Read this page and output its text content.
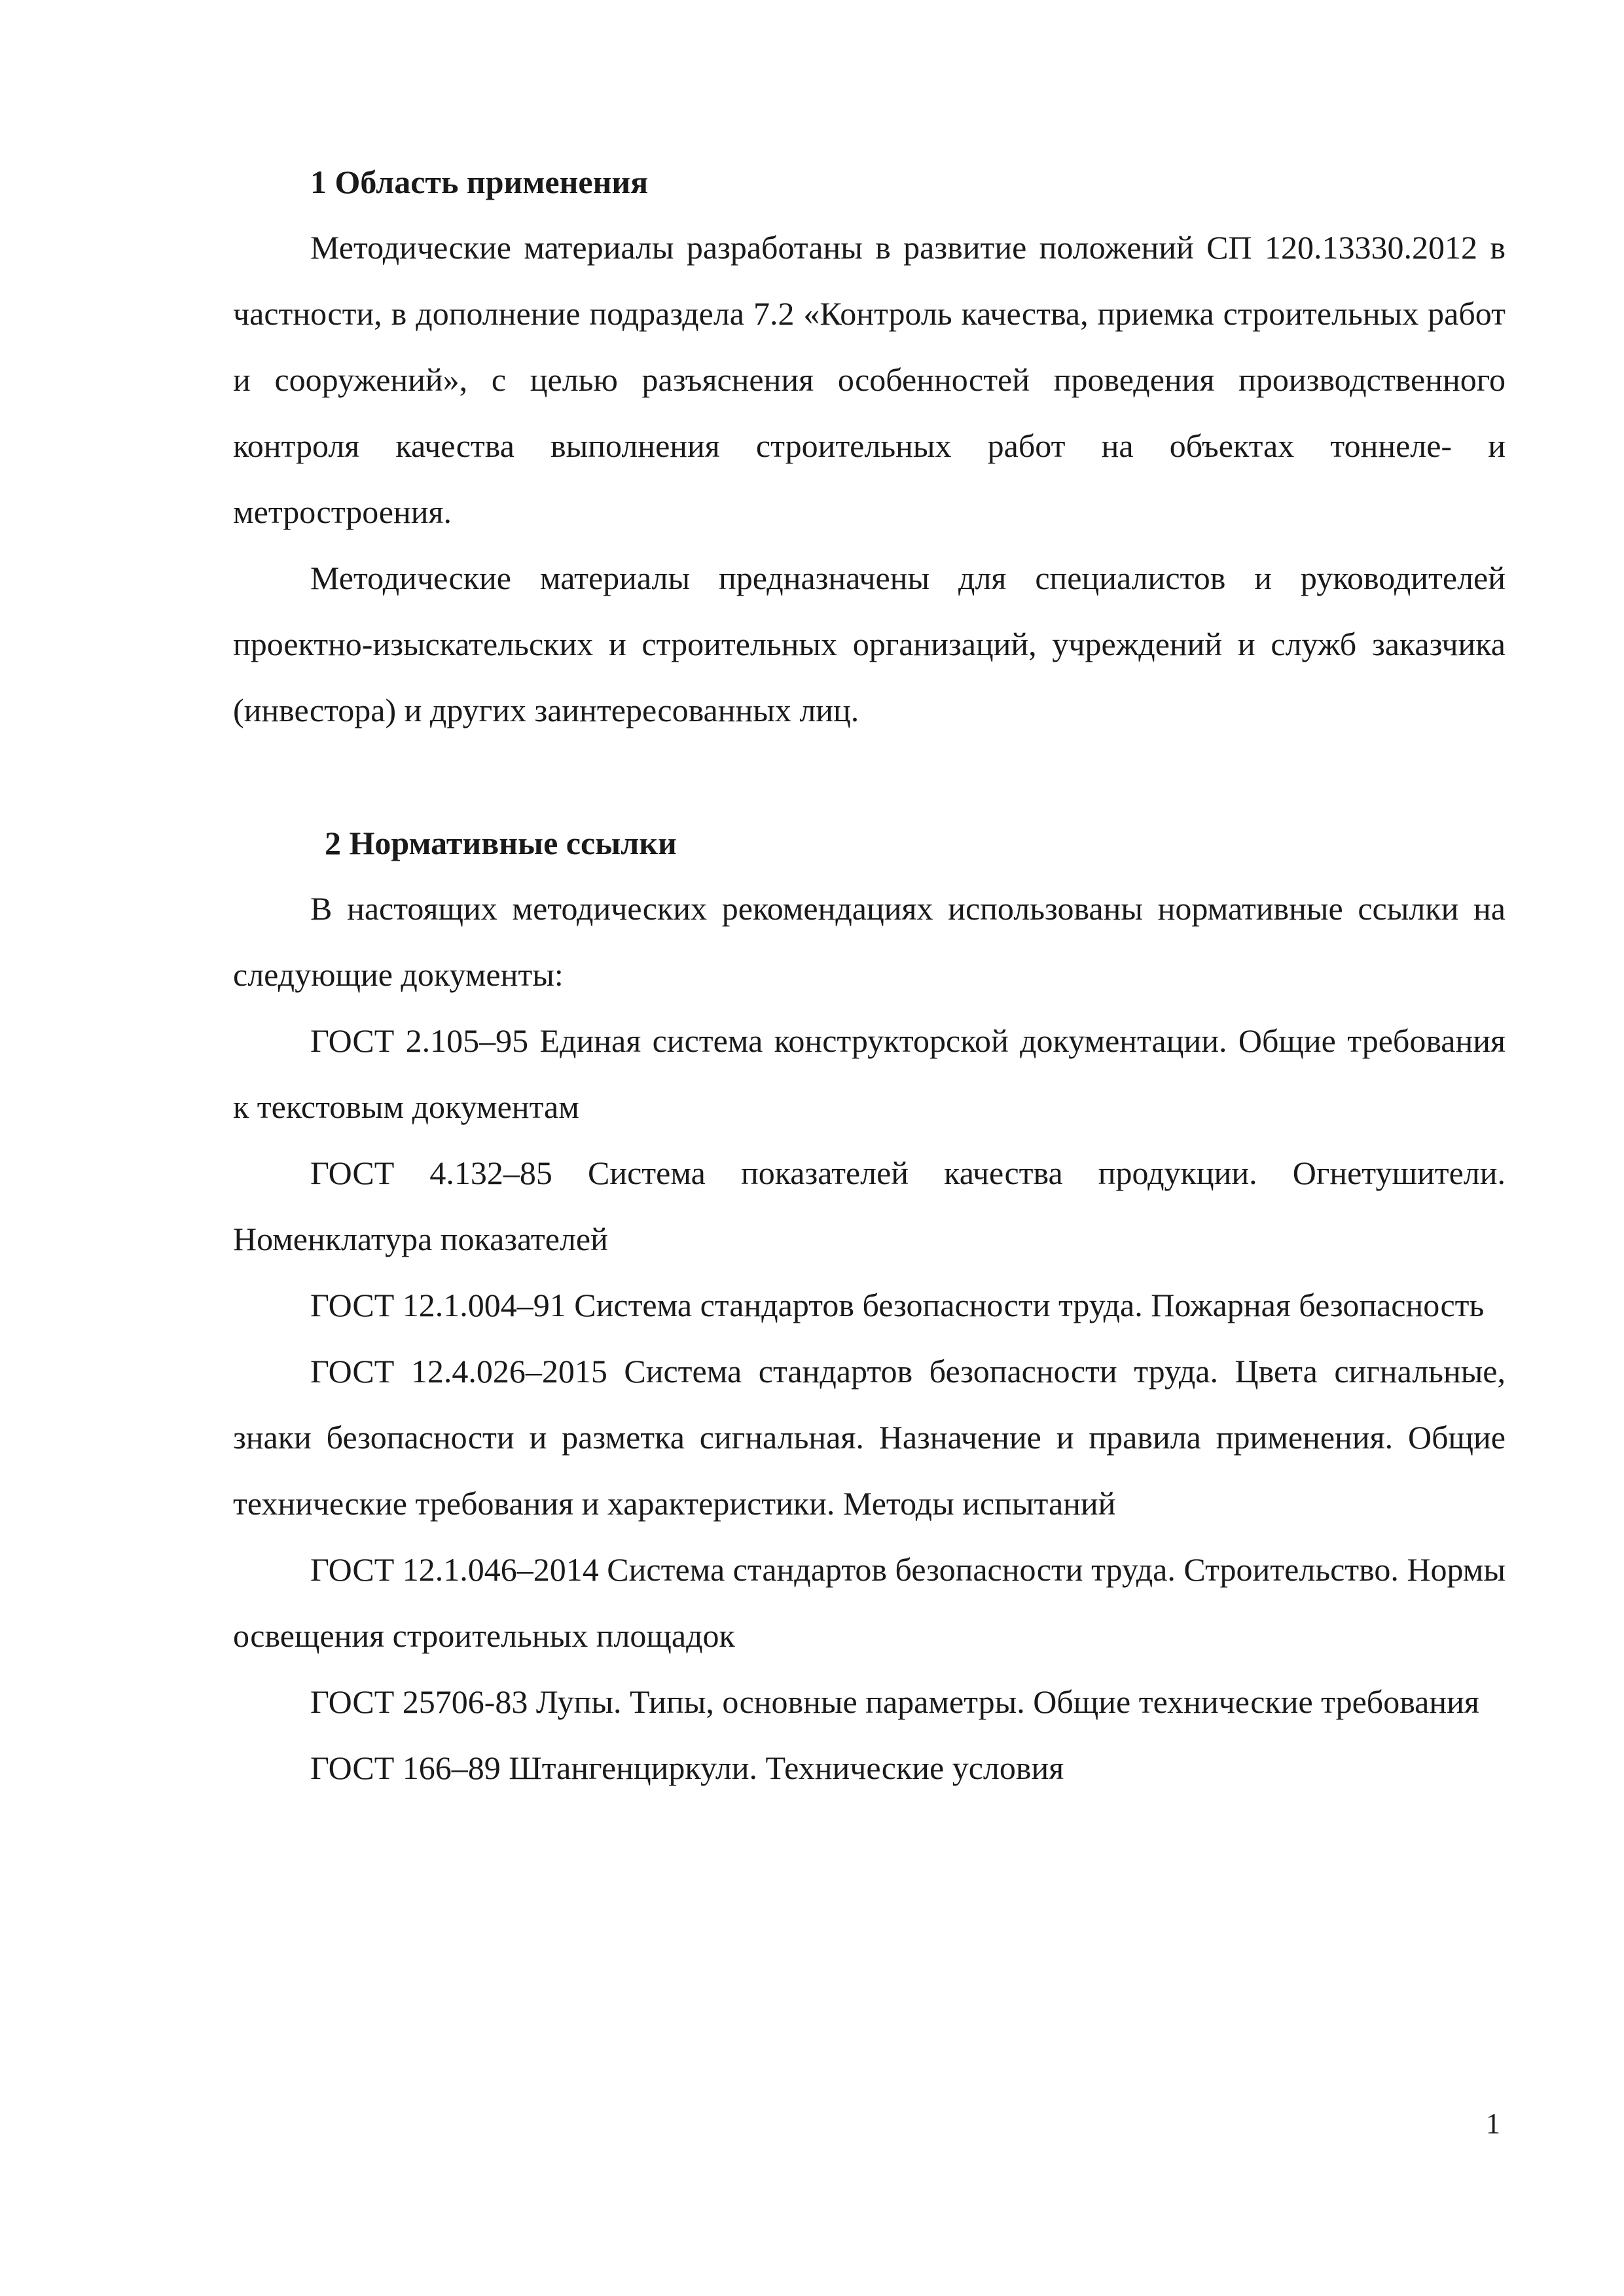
1 Область применения

Методические материалы разработаны в развитие положений СП 120.13330.2012 в частности, в дополнение подраздела 7.2 «Контроль качества, приемка строительных работ и сооружений», с целью разъяснения особенностей проведения производственного контроля качества выполнения строительных работ на объектах тоннеле- и метростроения.

Методические материалы предназначены для специалистов и руководителей проектно-изыскательских и строительных организаций, учреждений и служб заказчика (инвестора) и других заинтересованных лиц.

2 Нормативные ссылки

В настоящих методических рекомендациях использованы нормативные ссылки на следующие документы:

ГОСТ 2.105–95 Единая система конструкторской документации. Общие требования к текстовым документам

ГОСТ 4.132–85 Система показателей качества продукции. Огнетушители. Номенклатура показателей

ГОСТ 12.1.004–91 Система стандартов безопасности труда. Пожарная безопасность

ГОСТ 12.4.026–2015 Система стандартов безопасности труда. Цвета сигнальные, знаки безопасности и разметка сигнальная. Назначение и правила применения. Общие технические требования и характеристики. Методы испытаний

ГОСТ 12.1.046–2014 Система стандартов безопасности труда. Строительство. Нормы освещения строительных площадок

ГОСТ 25706-83 Лупы. Типы, основные параметры. Общие технические требования

ГОСТ 166–89 Штангенциркули. Технические условия

1
